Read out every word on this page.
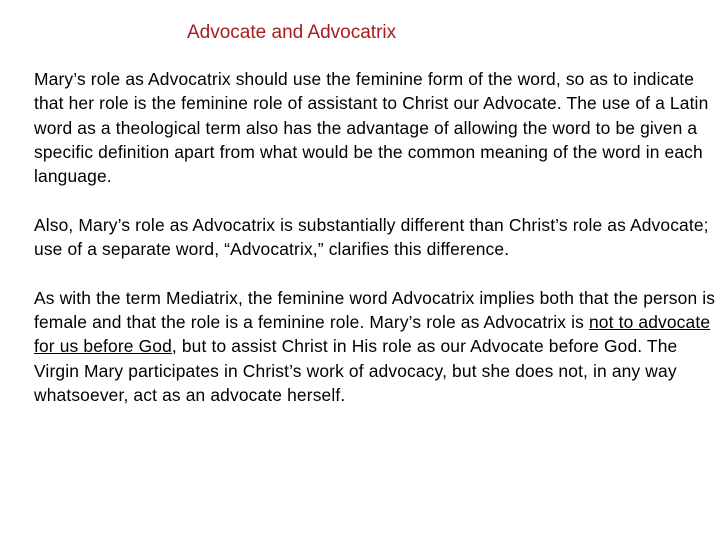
Advocate and Advocatrix

Mary’s role as Advocatrix should use the feminine form of the word, so as to indicate that her role is the feminine role of assistant to Christ our Advocate. The use of a Latin word as a theological term also has the advantage of allowing the word to be given a specific definition apart from what would be the common meaning of the word in each language.

Also, Mary’s role as Advocatrix is substantially different than Christ’s role as Advocate; use of a separate word, “Advocatrix,” clarifies this difference.

As with the term Mediatrix, the feminine word Advocatrix implies both that the person is female and that the role is a feminine role. Mary’s role as Advocatrix is not to advocate for us before God, but to assist Christ in His role as our Advocate before God. The Virgin Mary participates in Christ’s work of advocacy, but she does not, in any way whatsoever, act as an advocate herself.
